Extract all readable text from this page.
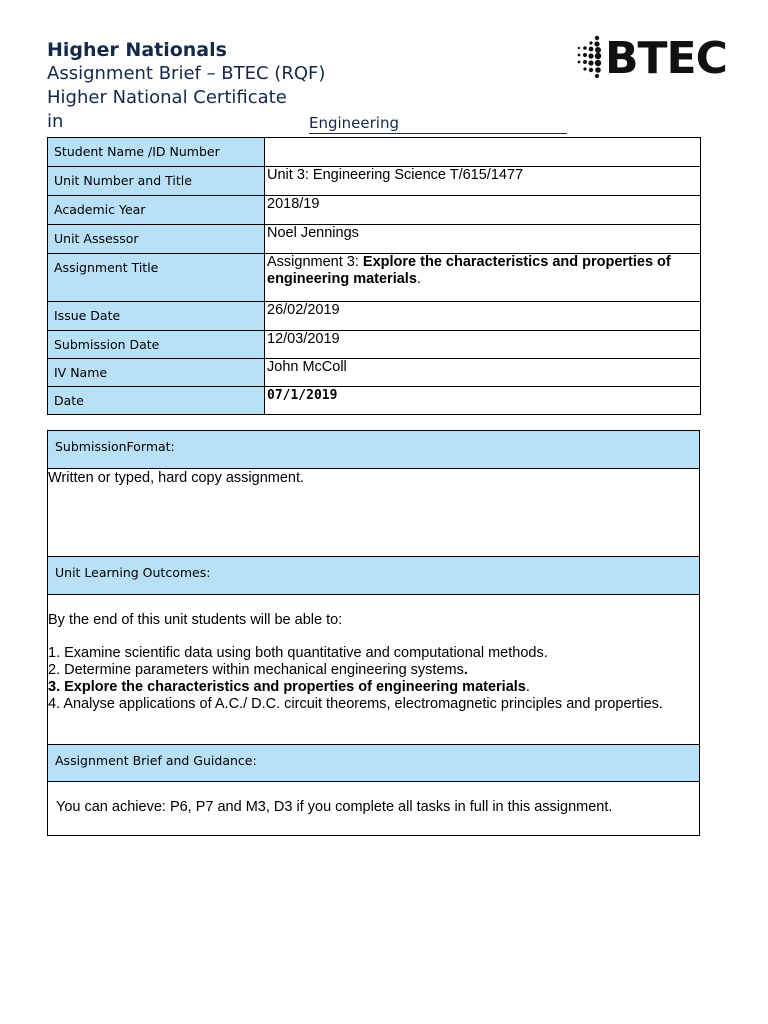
Higher Nationals
Assignment Brief – BTEC (RQF)
Higher National Certificate in	Engineering
BTEC
Student Name /ID Number	
Unit Number and Title	Unit 3: Engineering Science T/615/1477
Academic Year	2018/19
Unit Assessor	Noel Jennings
Assignment Title	Assignment 3: Explore the characteristics and properties of engineering materials.
Issue Date	26/02/2019
Submission Date	12/03/2019
IV Name	John McColl
Date	07/1/2019
SubmissionFormat:
Written or typed, hard copy assignment.
Unit Learning Outcomes:
By the end of this unit students will be able to:
1. Examine scientific data using both quantitative and computational methods.
2. Determine parameters within mechanical engineering systems.
3. Explore the characteristics and properties of engineering materials.
4. Analyse applications of A.C./ D.C. circuit theorems, electromagnetic principles and properties.
Assignment Brief and Guidance:
You can achieve: P6, P7 and M3, D3 if you complete all tasks in full in this assignment.
